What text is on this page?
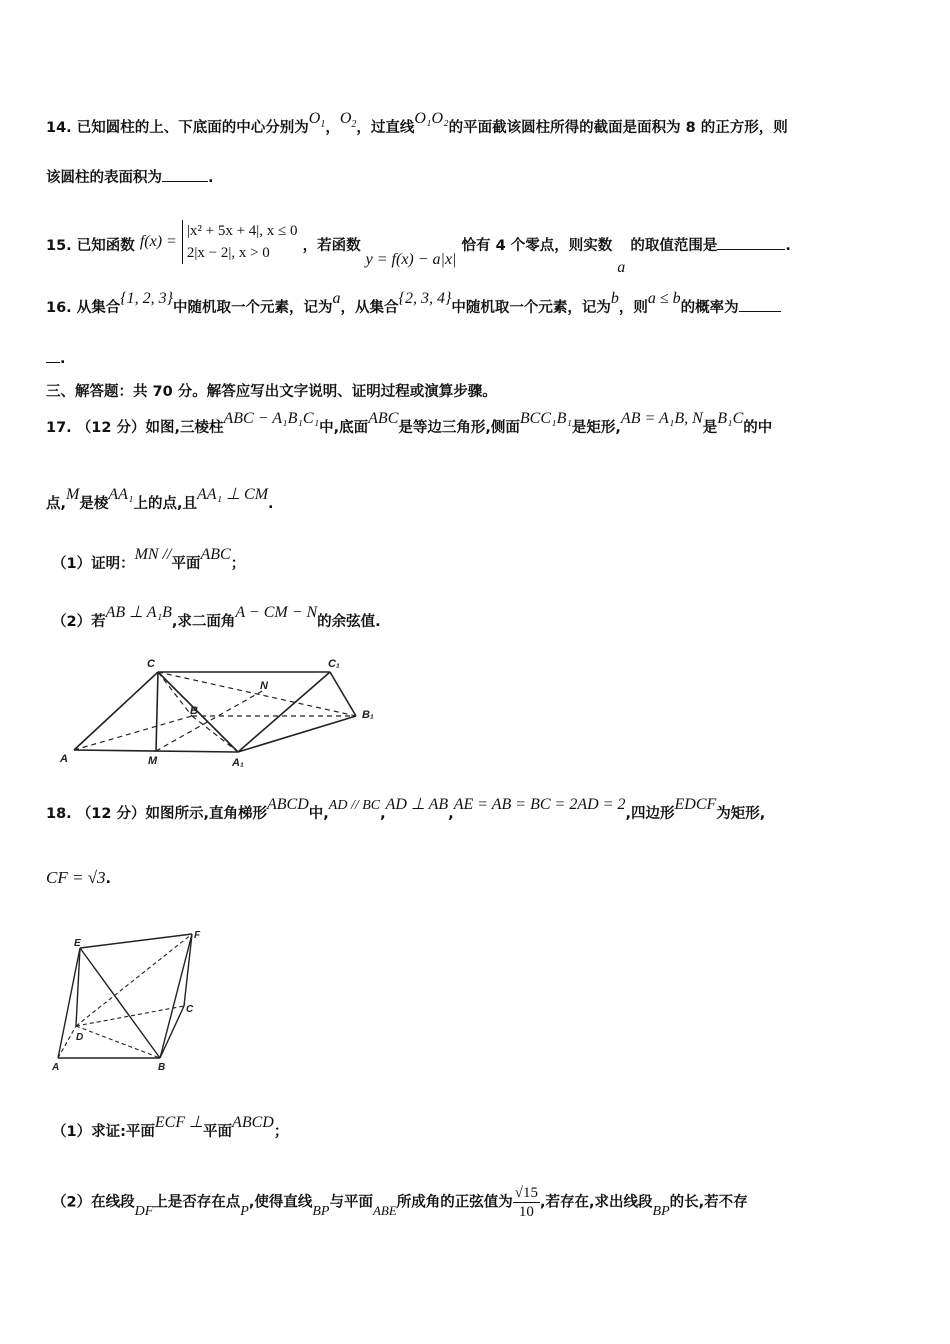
14. 已知圆柱的上、下底面的中心分别为$O_1$，$O_2$，过直线O₁O₂的平面截该圆柱所得的截面是面积为 8 的正方形，则
该圆柱的表面积为	.
15. 已知函数 f(x) =
|x² + 5x + 4|, x ≤ 0
2|x − 2|, x > 0	，若函数 y = f(x) − a|x| 恰有 4 个零点，则实数 a 的取值范围是	.
16. 从集合{1, 2, 3}中随机取一个元素，记为a，从集合{2, 3, 4}中随机取一个元素，记为b，则a ≤ b的概率为
.
三、解答题：共 70 分。解答应写出文字说明、证明过程或演算步骤。
17. （12 分）如图,三棱柱ABC − A₁B₁C₁中,底面ABC是等边三角形,侧面BCC₁B₁是矩形,AB = A₁B, N是B₁C的中
点,M是棱AA₁上的点,且AA₁ ⊥ CM.
（1）证明：MN //平面ABC；
（2）若AB ⊥ A₁B,求二面角A − CM − N的余弦值.
C	C₁
N
B	B₁
A	M	A₁
18. （12 分）如图所示,直角梯形ABCD中,AD // BC,AD ⊥ AB,AE = AB = BC = 2AD = 2,四边形EDCF为矩形,
CF = √3.
E
F
C
D
A	B
（1）求证:平面ECF ⊥平面ABCD；
（2）在线段DF上是否存在点P,使得直线BP与平面ABE所成角的正弦值为 $\frac{√15}{10}$ ,若存在,求出线段BP的长,若不存
